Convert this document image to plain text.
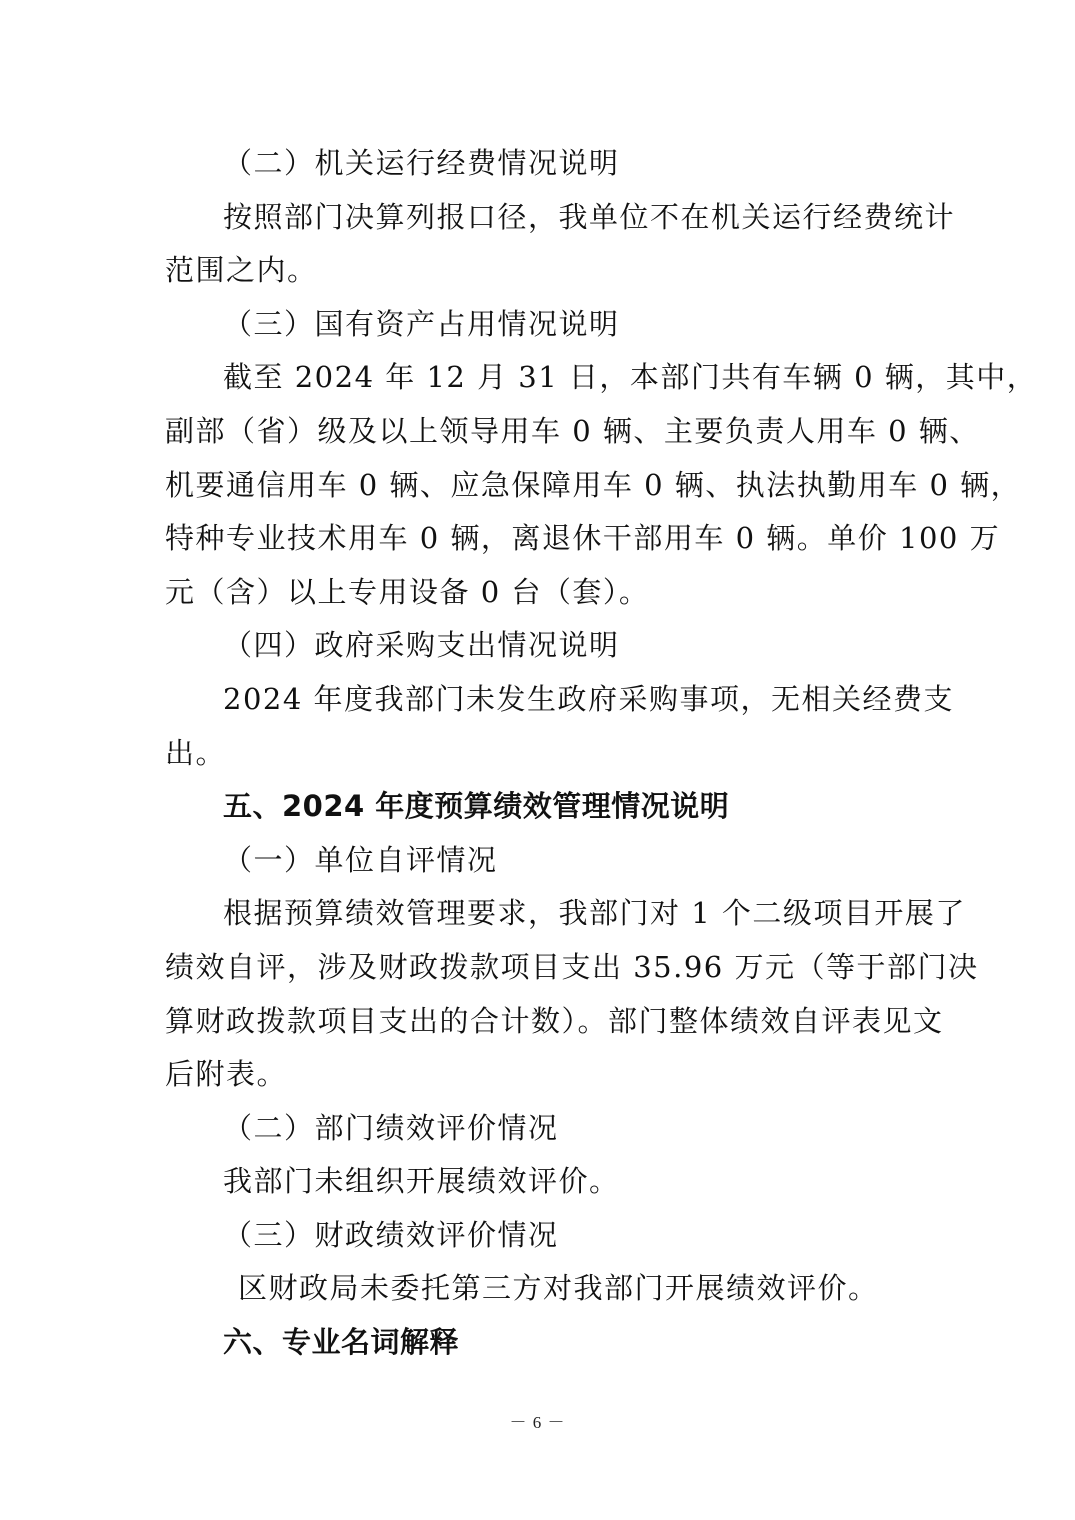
（二）机关运行经费情况说明
按照部门决算列报口径，我单位不在机关运行经费统计
范围之内。
（三）国有资产占用情况说明
截至 2024 年 12 月 31 日，本部门共有车辆 0 辆，其中，
副部（省）级及以上领导用车 0 辆、主要负责人用车 0 辆、
机要通信用车 0 辆、应急保障用车 0 辆、执法执勤用车 0 辆，
特种专业技术用车 0 辆，离退休干部用车 0 辆。单价 100 万
元（含）以上专用设备 0 台（套）。
（四）政府采购支出情况说明
2024 年度我部门未发生政府采购事项，无相关经费支
出。
五、2024 年度预算绩效管理情况说明
（一）单位自评情况
根据预算绩效管理要求，我部门对 1 个二级项目开展了
绩效自评，涉及财政拨款项目支出 35.96 万元（等于部门决
算财政拨款项目支出的合计数）。部门整体绩效自评表见文
后附表。
（二）部门绩效评价情况
我部门未组织开展绩效评价。
（三）财政绩效评价情况
区财政局未委托第三方对我部门开展绩效评价。
六、专业名词解释
－ 6 －
